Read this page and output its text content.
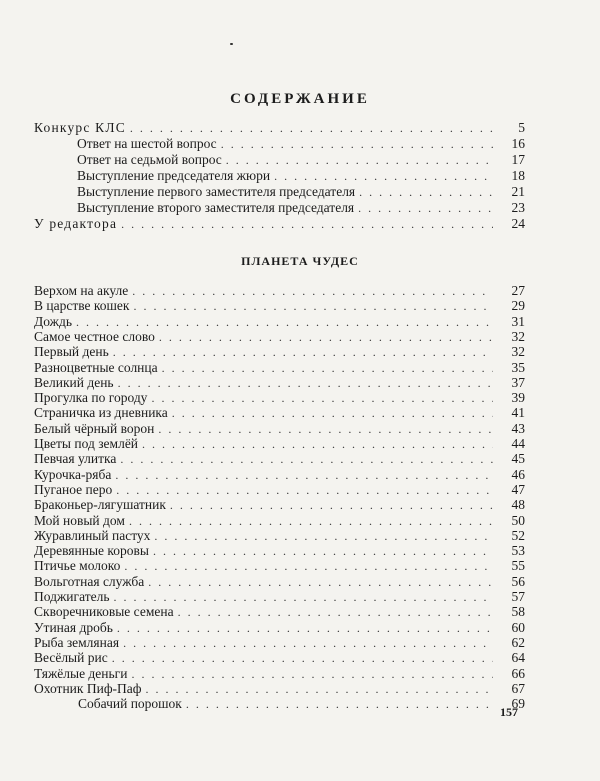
СОДЕРЖАНИЕ
Конкурс КЛС . . .	5
Ответ на шестой вопрос . . .	16
Ответ на седьмой вопрос . . .	17
Выступление председателя жюри . . .	18
Выступление первого заместителя председателя . . .	21
Выступление второго заместителя председателя . . .	23
У редактора . . .	24
ПЛАНЕТА ЧУДЕС
Верхом на акуле . . .	27
В царстве кошек . . .	29
Дождь . . .	31
Самое честное слово . . .	32
Первый день . . .	32
Разноцветные солнца . . .	35
Великий день . . .	37
Прогулка по городу . . .	39
Страничка из дневника . . .	41
Белый чёрный ворон . . .	43
Цветы под землёй . . .	44
Певчая улитка . . .	45
Курочка-ряба . . .	46
Пуганое перо . . .	47
Браконьер-лягушатник . . .	48
Мой новый дом . . .	50
Журавлиный пастух . . .	52
Деревянные коровы . . .	53
Птичье молоко . . .	55
Вольготная служба . . .	56
Поджигатель . . .	57
Скворечниковые семена . . .	58
Утиная дробь . . .	60
Рыба земляная . . .	62
Весёлый рис . . .	64
Тяжёлые деньги . . .	66
Охотник Пиф-Паф . . .	67
Собачий порошок . . .	69
157
